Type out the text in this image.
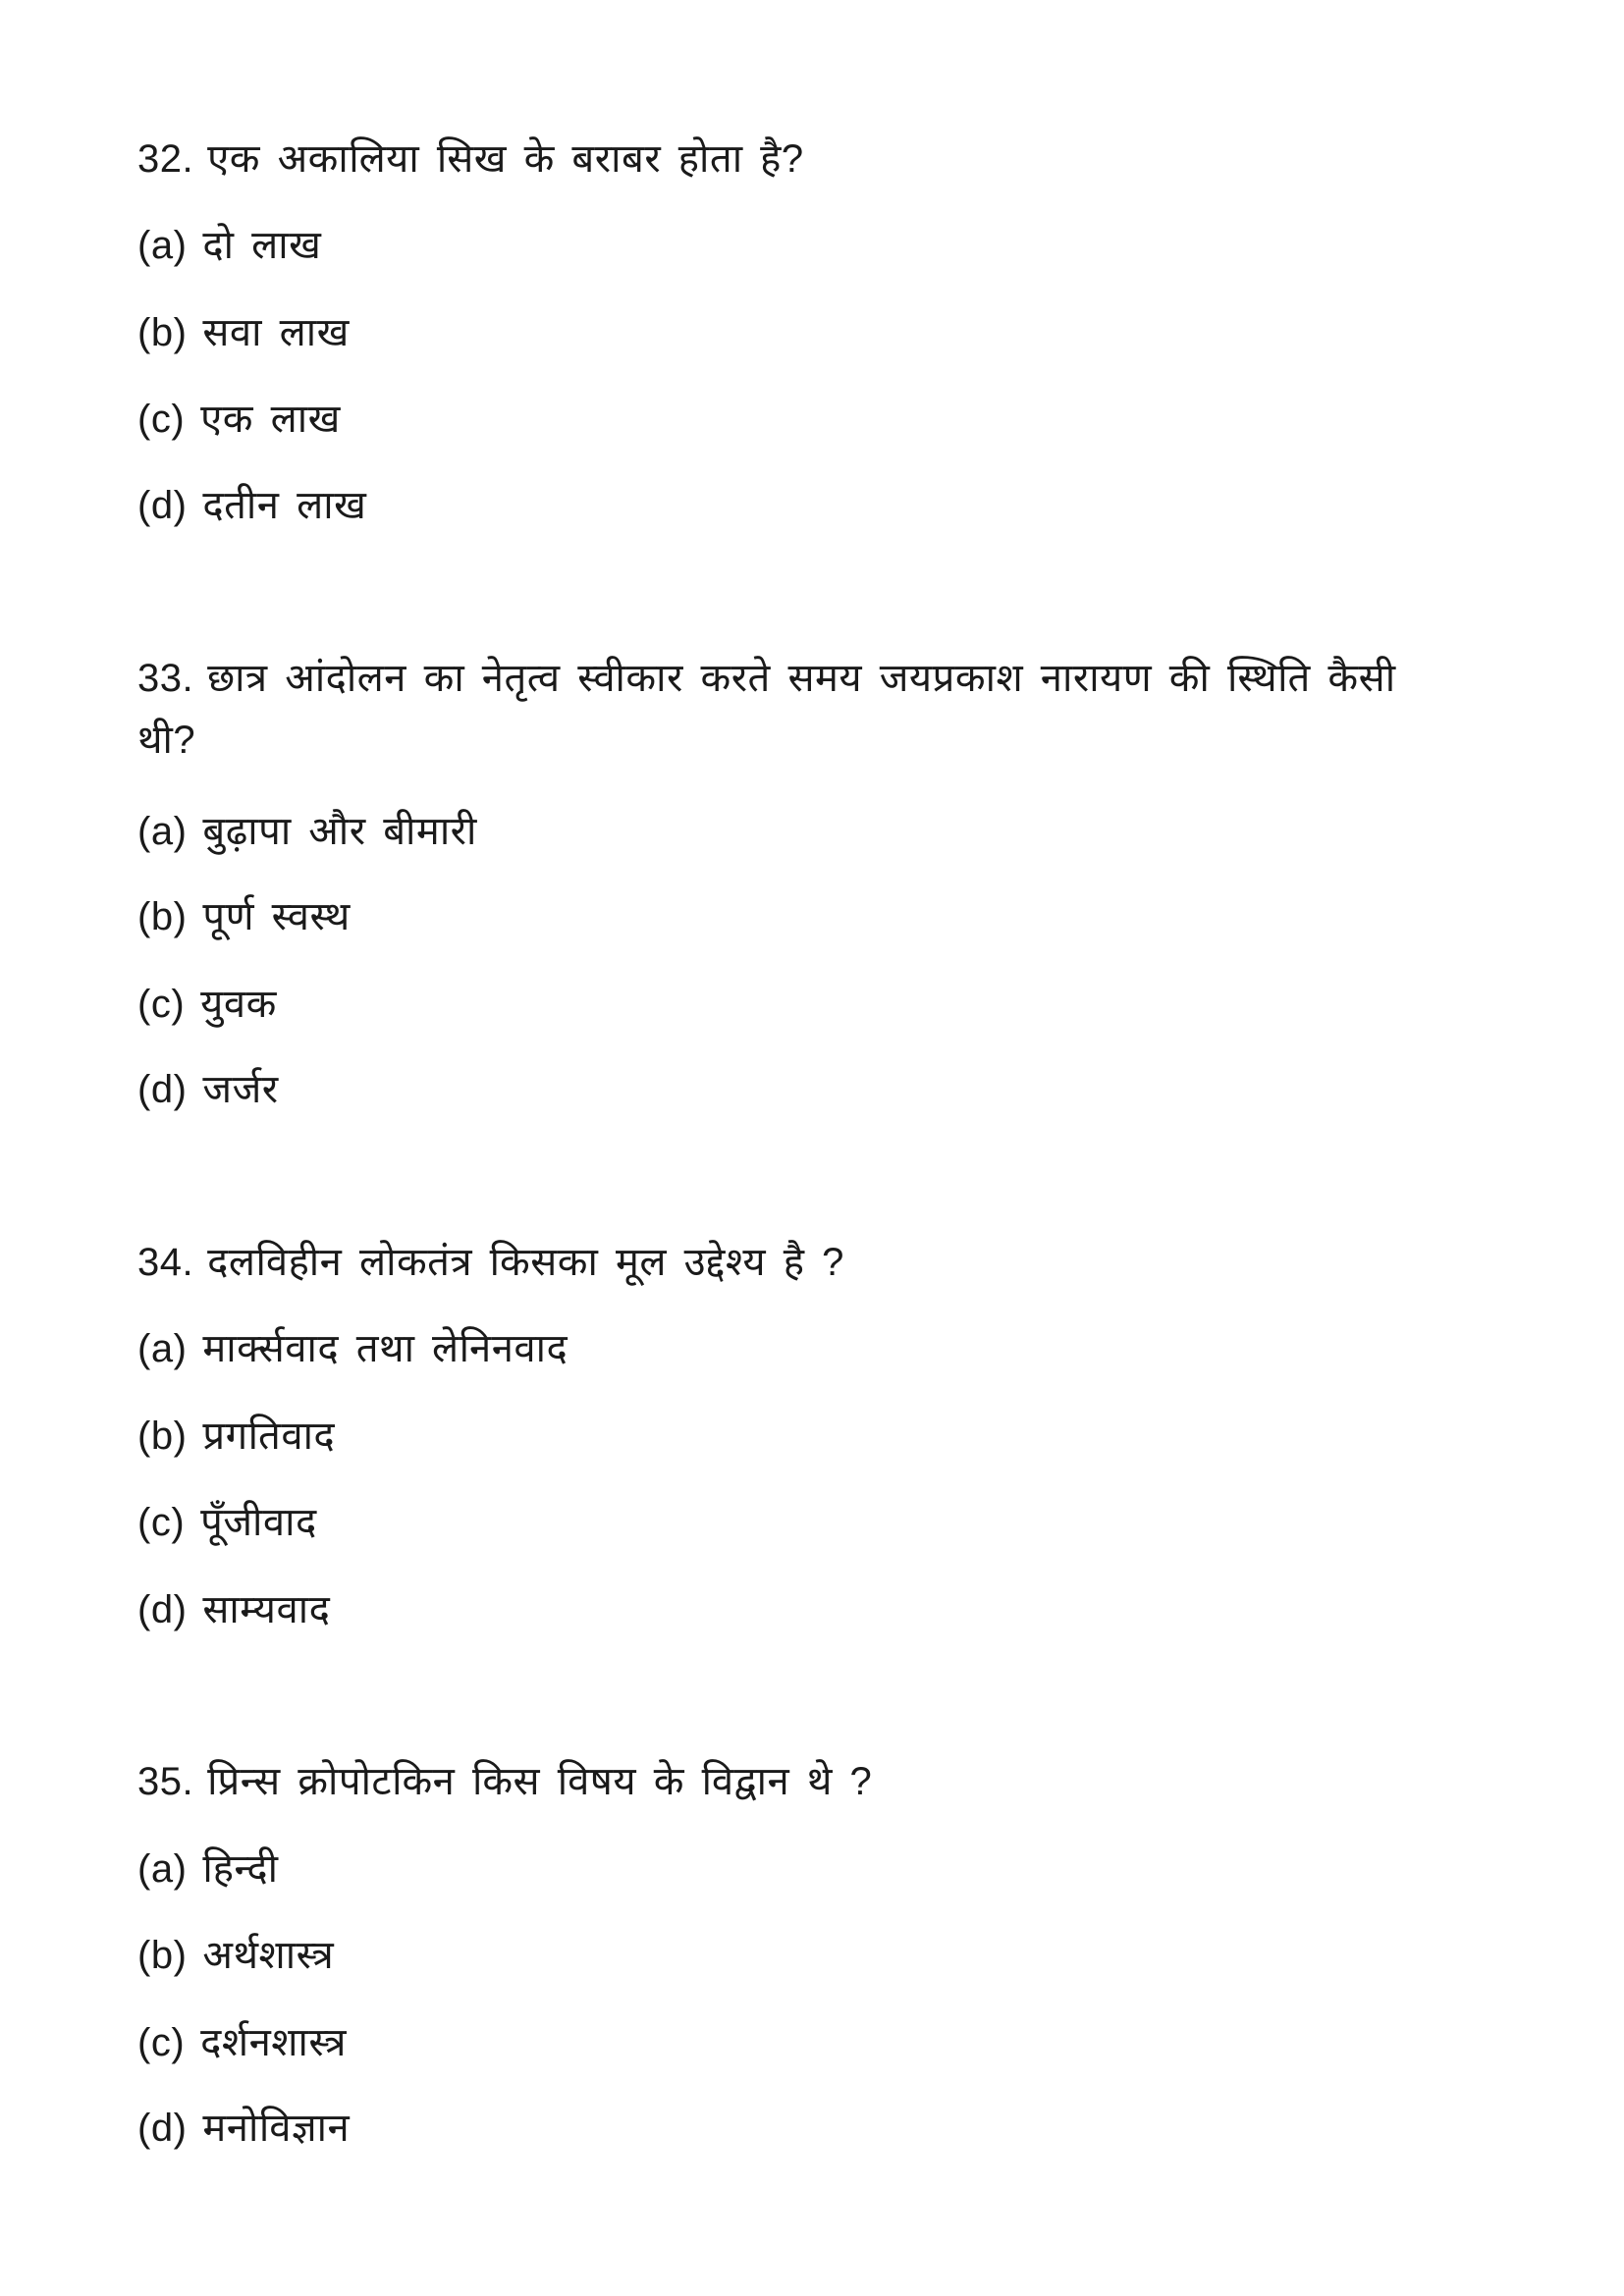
32. एक अकालिया सिख के बराबर होता है?
(a) दो लाख
(b) सवा लाख
(c) एक लाख
(d) दतीन लाख
33. छात्र आंदोलन का नेतृत्व स्वीकार करते समय जयप्रकाश नारायण की स्थिति कैसी
थी?
(a) बुढ़ापा और बीमारी
(b) पूर्ण स्वस्थ
(c) युवक
(d) जर्जर
34. दलविहीन लोकतंत्र किसका मूल उद्देश्य है ?
(a) मार्क्सवाद तथा लेनिनवाद
(b) प्रगतिवाद
(c) पूँजीवाद
(d) साम्यवाद
35. प्रिन्स क्रोपोटकिन किस विषय के विद्वान थे ?
(a) हिन्दी
(b) अर्थशास्त्र
(c) दर्शनशास्त्र
(d) मनोविज्ञान
